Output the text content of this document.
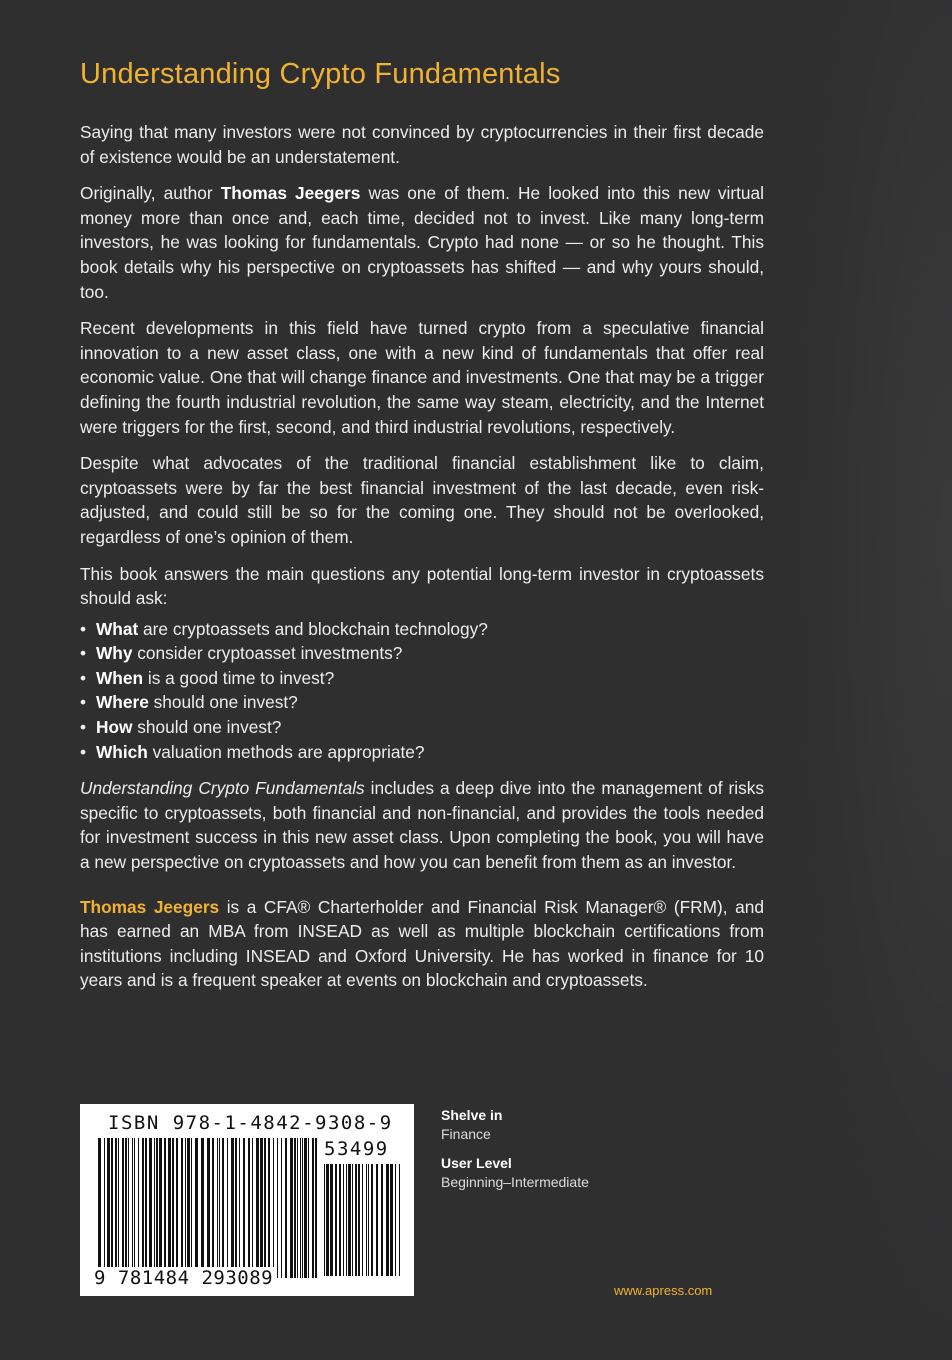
Understanding Crypto Fundamentals

Saying that many investors were not convinced by cryptocurrencies in their first decade of existence would be an understatement.

Originally, author Thomas Jeegers was one of them. He looked into this new virtual money more than once and, each time, decided not to invest. Like many long-term investors, he was looking for fundamentals. Crypto had none — or so he thought. This book details why his perspective on cryptoassets has shifted — and why yours should, too.

Recent developments in this field have turned crypto from a speculative financial innovation to a new asset class, one with a new kind of fundamentals that offer real economic value. One that will change finance and investments. One that may be a trigger defining the fourth industrial revolution, the same way steam, electricity, and the Internet were triggers for the first, second, and third industrial revolutions, respectively.

Despite what advocates of the traditional financial establishment like to claim, cryptoassets were by far the best financial investment of the last decade, even risk-adjusted, and could still be so for the coming one. They should not be overlooked, regardless of one’s opinion of them.

This book answers the main questions any potential long-term investor in cryptoassets should ask:

• What are cryptoassets and blockchain technology?
• Why consider cryptoasset investments?
• When is a good time to invest?
• Where should one invest?
• How should one invest?
• Which valuation methods are appropriate?

Understanding Crypto Fundamentals includes a deep dive into the management of risks specific to cryptoassets, both financial and non-financial, and provides the tools needed for investment success in this new asset class. Upon completing the book, you will have a new perspective on cryptoassets and how you can benefit from them as an investor.

Thomas Jeegers is a CFA® Charterholder and Financial Risk Manager® (FRM), and has earned an MBA from INSEAD as well as multiple blockchain certifications from institutions including INSEAD and Oxford University. He has worked in finance for 10 years and is a frequent speaker at events on blockchain and cryptoassets.

ISBN 978-1-4842-9308-9
53499
9 781484 293089
Shelve in
Finance
User Level
Beginning–Intermediate
www.apress.com
